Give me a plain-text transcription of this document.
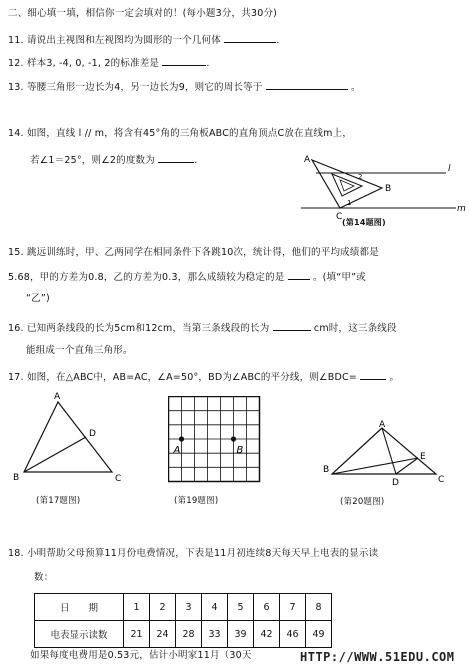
二、细心填一填，相信你一定会填对的！(每小题3分，共30分)
11. 请说出主视图和左视图均为圆形的一个几何体	.
12. 样本3, -4, 0, -1, 2的标准差是	.
13. 等腰三角形一边长为4，另一边长为9，则它的周长等于	。
14. 如图，直线 l // m，将含有45°角的三角板ABC的直角顶点C放在直线m上，
若∠1＝25°，则∠2的度数为	.	A
B
C
l
m
2
1
(第14题图)
15. 跳远训练时，甲、乙两同学在相同条件下各跳10次，统计得，他们的平均成绩都是
5.68，甲的方差为0.8，乙的方差为0.3，那么成绩较为稳定的是	。(填“甲”或
“乙”)
16. 已知两条线段的长为5cm和12cm，当第三条线段的长为	cm时，这三条线段
能组成一个直角三角形。
17. 如图，在△ABC中，AB=AC，∠A=50°，BD为∠ABC的平分线，则∠BDC=	。
A
B	C
D
(第17题图)
A	B
(第19题图)
A
B
C
D
E
(第20题图)
18. 小明帮助父母预算11月份电费情况，下表是11月初连续8天每天早上电表的显示读
数：
日　　期	1	2	3	4	5	6	7	8
电表显示读数	21	24	28	33	39	42	46	49
如果每度电费用是0.53元，估计小明家11月（30天	HTTP://WWW.51EDU.COM
